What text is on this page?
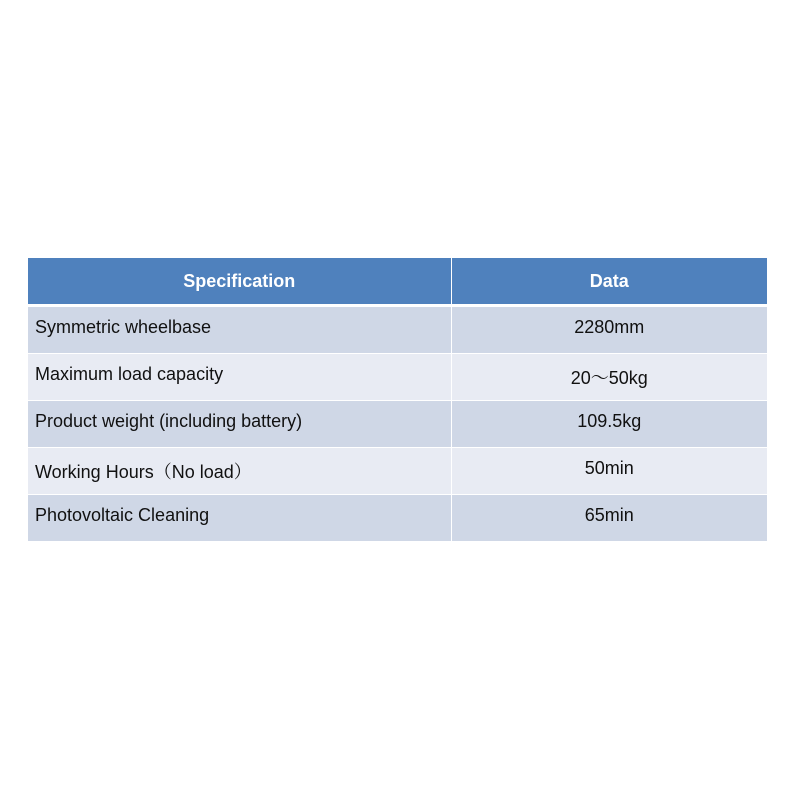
Specification	Data
Symmetric wheelbase	2280mm
Maximum load capacity	20～50kg
Product weight (including battery)	109.5kg
Working Hours（No load）	50min
Photovoltaic Cleaning	65min
